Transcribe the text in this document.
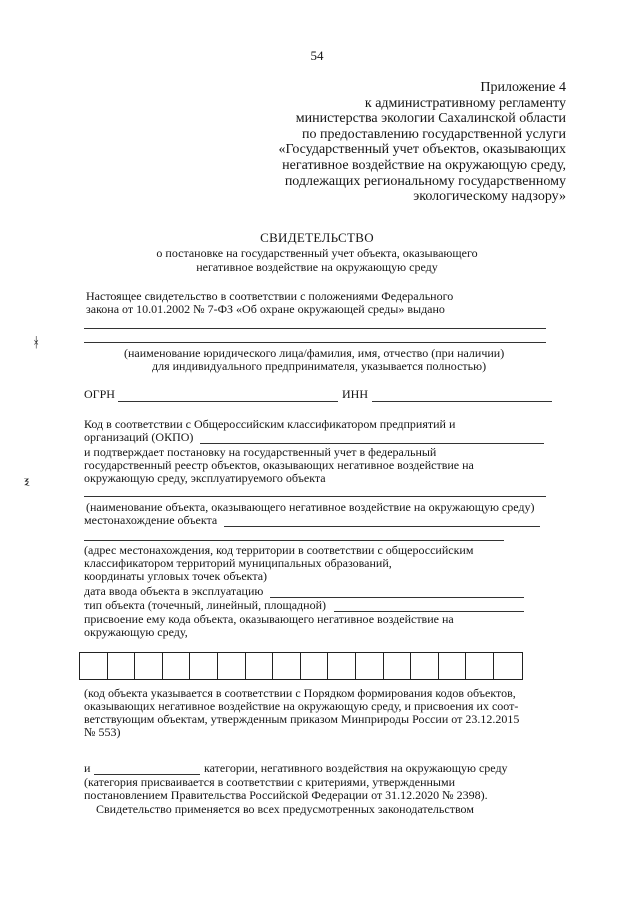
54
Приложение 4
к административному регламенту
министерства экологии Сахалинской области
по предоставлению государственной услуги
«Государственный учет объектов, оказывающих
негативное воздействие на окружающую среду,
подлежащих региональному государственному
экологическому надзору»
СВИДЕТЕЛЬСТВО
о постановке на государственный учет объекта, оказывающего
негативное воздействие на окружающую среду
Настоящее свидетельство в соответствии с положениями Федерального
закона от 10.01.2002 № 7-ФЗ «Об охране окружающей среды» выдано
ᚼ
(наименование юридического лица/фамилия, имя, отчество (при наличии)
для индивидуального предпринимателя, указывается полностью)
ОГРН	ИНН
Код в соответствии с Общероссийским классификатором предприятий и
организаций (ОКПО)
и подтверждает постановку на государственный учет в федеральный
государственный реестр объектов, оказывающих негативное воздействие на
окружающую среду, эксплуатируемого объекта
ⲝ
(наименование объекта, оказывающего негативное воздействие на окружающую среду)
местонахождение объекта
(адрес местонахождения, код территории в соответствии с общероссийским
классификатором территорий муниципальных образований,
координаты угловых точек объекта)
дата ввода объекта в эксплуатацию
тип объекта (точечный, линейный, площадной)
присвоение ему кода объекта, оказывающего негативное воздействие на
окружающую среду,
(код объекта указывается в соответствии с Порядком формирования кодов объектов,
оказывающих негативное воздействие на окружающую среду, и присвоения их соот-
ветствующим объектам, утвержденным приказом Минприроды России от 23.12.2015
№ 553)
и	категории, негативного воздействия на окружающую среду
(категория присваивается в соответствии с критериями, утвержденными
постановлением Правительства Российской Федерации от 31.12.2020 № 2398).
Свидетельство применяется во всех предусмотренных законодательством
